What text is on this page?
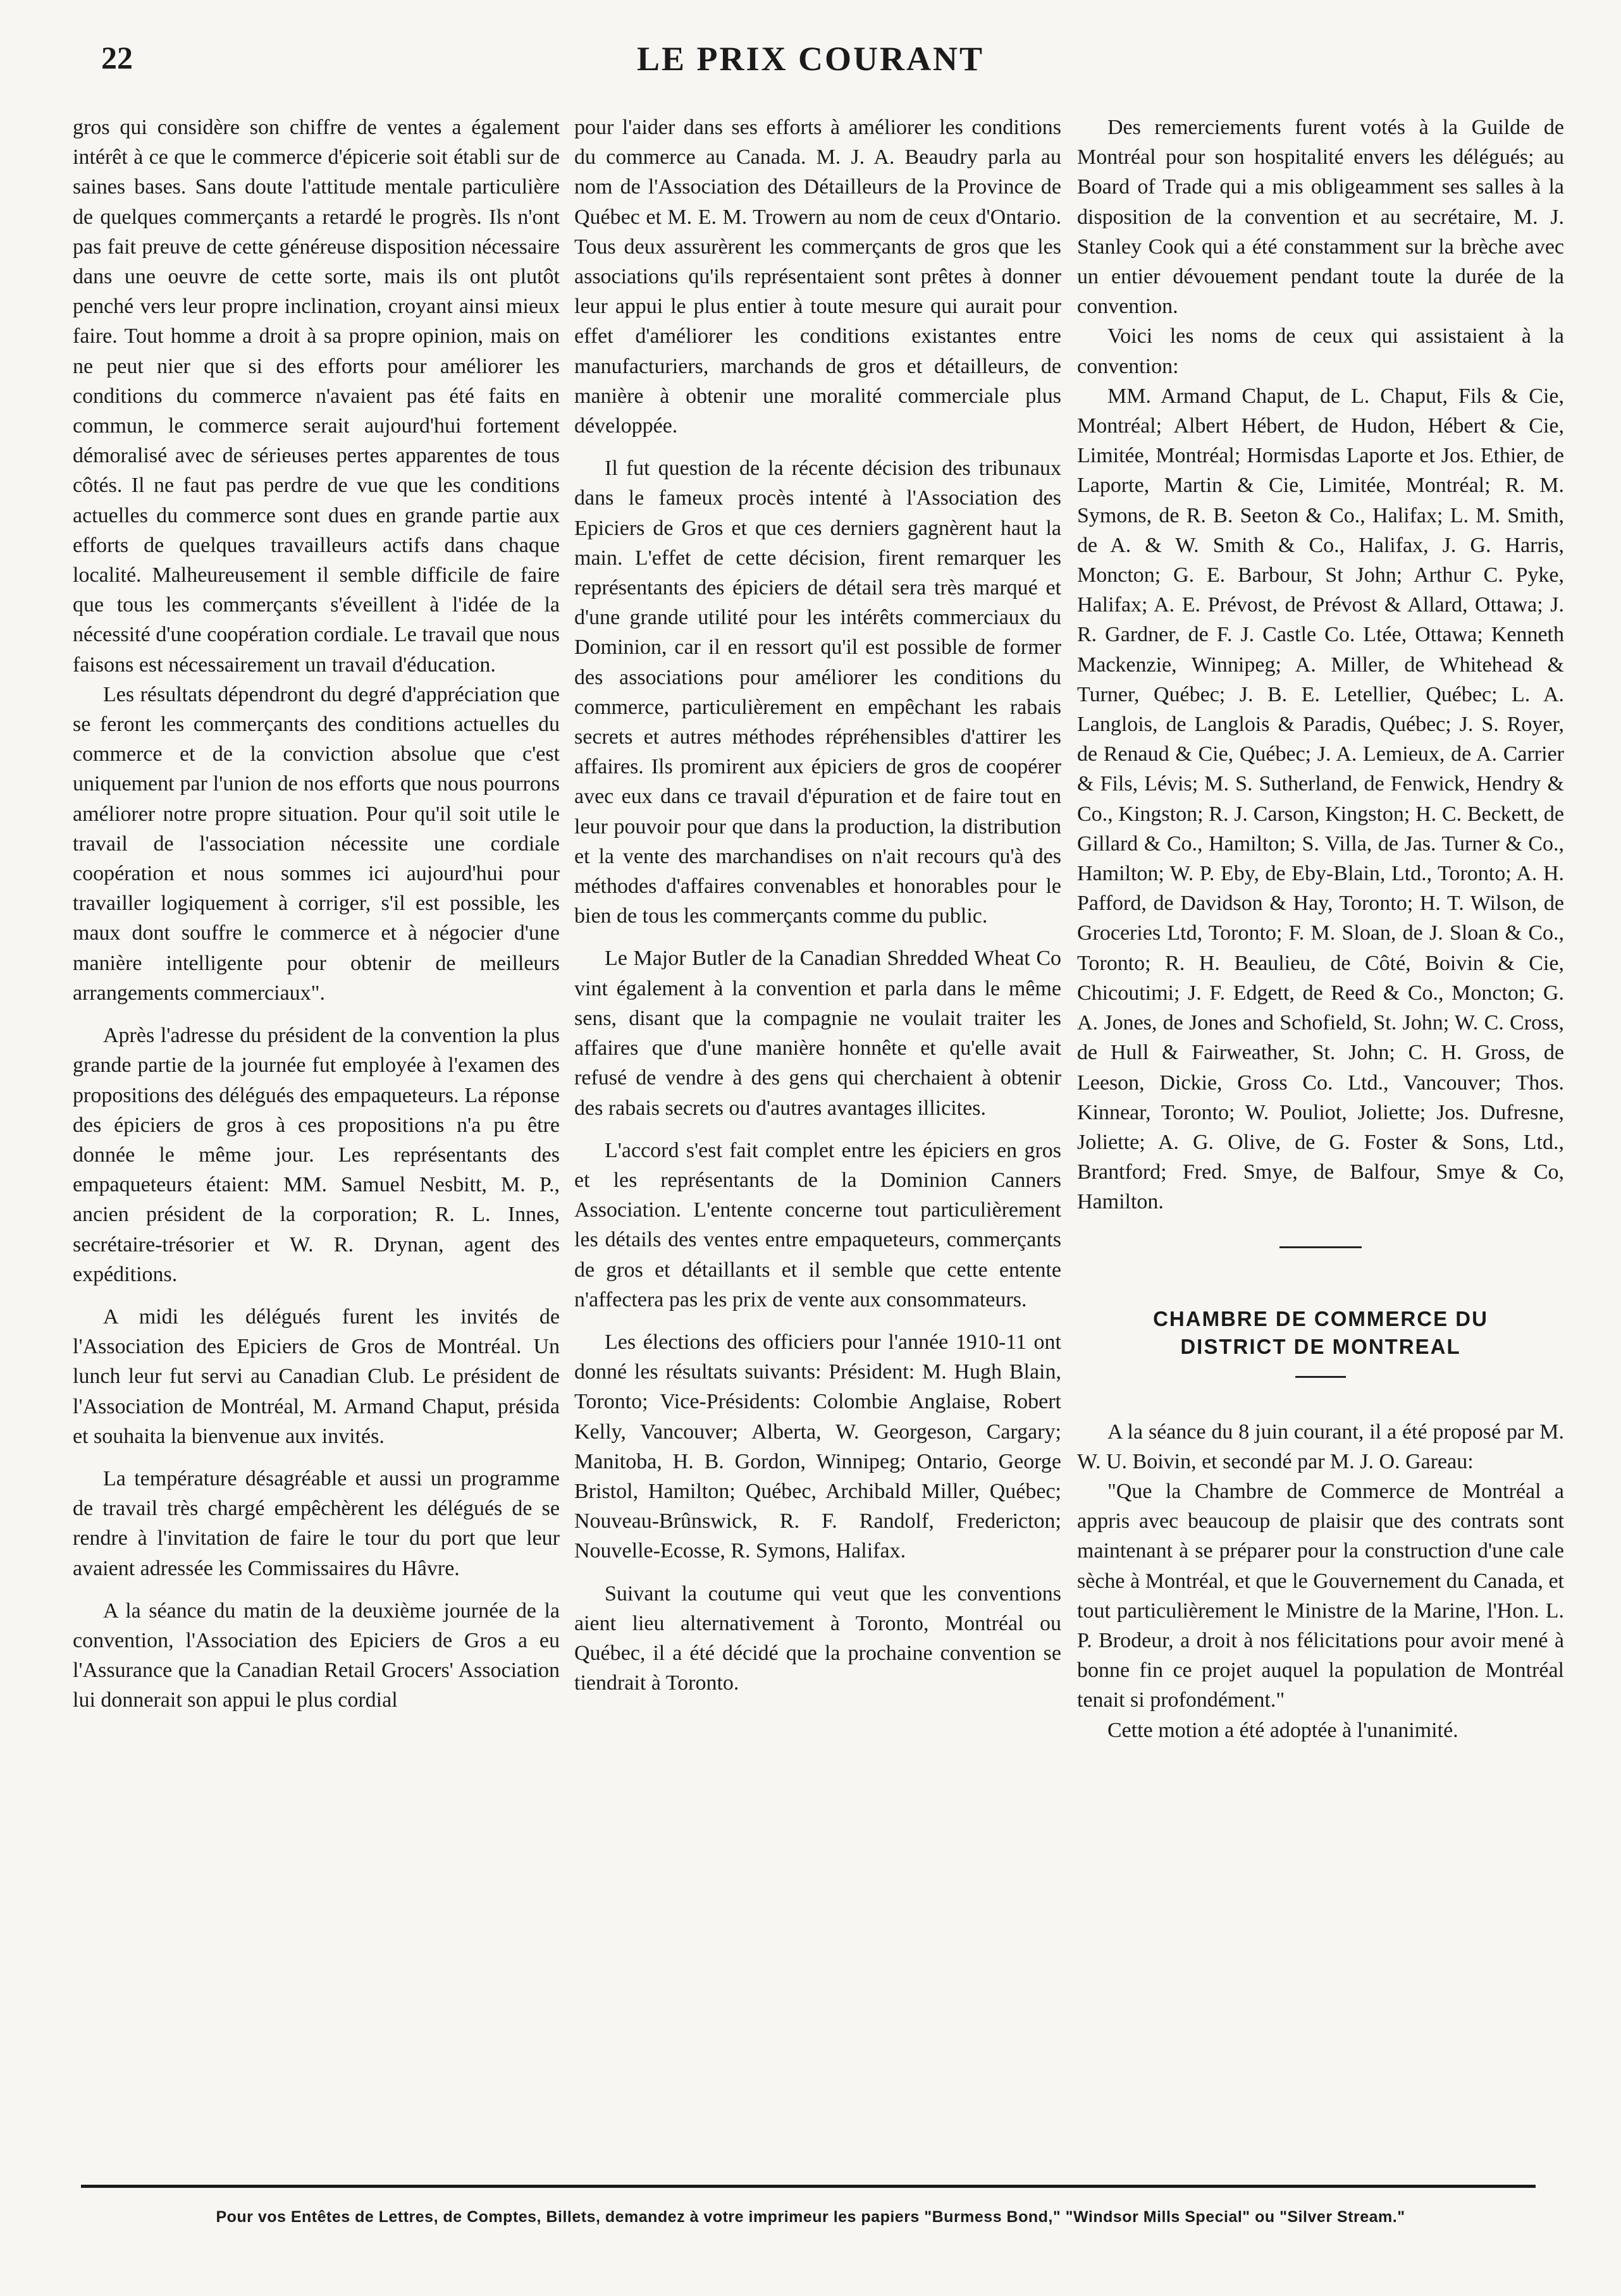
22	LE PRIX COURANT

gros qui considère son chiffre de ventes a également intérêt à ce que le commerce d'épicerie soit établi sur de saines bases. Sans doute l'attitude mentale particulière de quelques commerçants a retardé le progrès. Ils n'ont pas fait preuve de cette généreuse disposition nécessaire dans une oeuvre de cette sorte, mais ils ont plutôt penché vers leur propre inclination, croyant ainsi mieux faire. Tout homme a droit à sa propre opinion, mais on ne peut nier que si des efforts pour améliorer les conditions du commerce n'avaient pas été faits en commun, le commerce serait aujourd'hui fortement démoralisé avec de sérieuses pertes apparentes de tous côtés. Il ne faut pas perdre de vue que les conditions actuelles du commerce sont dues en grande partie aux efforts de quelques travailleurs actifs dans chaque localité. Malheureusement il semble difficile de faire que tous les commerçants s'éveillent à l'idée de la nécessité d'une coopération cordiale. Le travail que nous faisons est nécessairement un travail d'éducation.

Les résultats dépendront du degré d'appréciation que se feront les commerçants des conditions actuelles du commerce et de la conviction absolue que c'est uniquement par l'union de nos efforts que nous pourrons améliorer notre propre situation. Pour qu'il soit utile le travail de l'association nécessite une cordiale coopération et nous sommes ici aujourd'hui pour travailler logiquement à corriger, s'il est possible, les maux dont souffre le commerce et à négocier d'une manière intelligente pour obtenir de meilleurs arrangements commerciaux".

Après l'adresse du président de la convention la plus grande partie de la journée fut employée à l'examen des propositions des délégués des empaqueteurs. La réponse des épiciers de gros à ces propositions n'a pu être donnée le même jour. Les représentants des empaqueteurs étaient: MM. Samuel Nesbitt, M. P., ancien président de la corporation; R. L. Innes, secrétaire-trésorier et W. R. Drynan, agent des expéditions.

A midi les délégués furent les invités de l'Association des Epiciers de Gros de Montréal. Un lunch leur fut servi au Canadian Club. Le président de l'Association de Montréal, M. Armand Chaput, présida et souhaita la bienvenue aux invités.

La température désagréable et aussi un programme de travail très chargé empêchèrent les délégués de se rendre à l'invitation de faire le tour du port que leur avaient adressée les Commissaires du Hâvre.

A la séance du matin de la deuxième journée de la convention, l'Association des Epiciers de Gros a eu l'Assurance que la Canadian Retail Grocers' Association lui donnerait son appui le plus cordial

pour l'aider dans ses efforts à améliorer les conditions du commerce au Canada. M. J. A. Beaudry parla au nom de l'Association des Détailleurs de la Province de Québec et M. E. M. Trowern au nom de ceux d'Ontario. Tous deux assurèrent les commerçants de gros que les associations qu'ils représentaient sont prêtes à donner leur appui le plus entier à toute mesure qui aurait pour effet d'améliorer les conditions existantes entre manufacturiers, marchands de gros et détailleurs, de manière à obtenir une moralité commerciale plus développée.

Il fut question de la récente décision des tribunaux dans le fameux procès intenté à l'Association des Epiciers de Gros et que ces derniers gagnèrent haut la main. L'effet de cette décision, firent remarquer les représentants des épiciers de détail sera très marqué et d'une grande utilité pour les intérêts commerciaux du Dominion, car il en ressort qu'il est possible de former des associations pour améliorer les conditions du commerce, particulièrement en empêchant les rabais secrets et autres méthodes répréhensibles d'attirer les affaires. Ils promirent aux épiciers de gros de coopérer avec eux dans ce travail d'épuration et de faire tout en leur pouvoir pour que dans la production, la distribution et la vente des marchandises on n'ait recours qu'à des méthodes d'affaires convenables et honorables pour le bien de tous les commerçants comme du public.

Le Major Butler de la Canadian Shredded Wheat Co vint également à la convention et parla dans le même sens, disant que la compagnie ne voulait traiter les affaires que d'une manière honnête et qu'elle avait refusé de vendre à des gens qui cherchaient à obtenir des rabais secrets ou d'autres avantages illicites.

L'accord s'est fait complet entre les épiciers en gros et les représentants de la Dominion Canners Association. L'entente concerne tout particulièrement les détails des ventes entre empaqueteurs, commerçants de gros et détaillants et il semble que cette entente n'affectera pas les prix de vente aux consommateurs.

Les élections des officiers pour l'année 1910-11 ont donné les résultats suivants: Président: M. Hugh Blain, Toronto; Vice-Présidents: Colombie Anglaise, Robert Kelly, Vancouver; Alberta, W. Georgeson, Cargary; Manitoba, H. B. Gordon, Winnipeg; Ontario, George Bristol, Hamilton; Québec, Archibald Miller, Québec; Nouveau-Brûnswick, R. F. Randolf, Fredericton; Nouvelle-Ecosse, R. Symons, Halifax.

Suivant la coutume qui veut que les conventions aient lieu alternativement à Toronto, Montréal ou Québec, il a été décidé que la prochaine convention se tiendrait à Toronto.

Des remerciements furent votés à la Guilde de Montréal pour son hospitalité envers les délégués; au Board of Trade qui a mis obligeamment ses salles à la disposition de la convention et au secrétaire, M. J. Stanley Cook qui a été constamment sur la brèche avec un entier dévouement pendant toute la durée de la convention.

Voici les noms de ceux qui assistaient à la convention:

MM. Armand Chaput, de L. Chaput, Fils & Cie, Montréal; Albert Hébert, de Hudon, Hébert & Cie, Limitée, Montréal; Hormisdas Laporte et Jos. Ethier, de Laporte, Martin & Cie, Limitée, Montréal; R. M. Symons, de R. B. Seeton & Co., Halifax; L. M. Smith, de A. & W. Smith & Co., Halifax, J. G. Harris, Moncton; G. E. Barbour, St John; Arthur C. Pyke, Halifax; A. E. Prévost, de Prévost & Allard, Ottawa; J. R. Gardner, de F. J. Castle Co. Ltée, Ottawa; Kenneth Mackenzie, Winnipeg; A. Miller, de Whitehead & Turner, Québec; J. B. E. Letellier, Québec; L. A. Langlois, de Langlois & Paradis, Québec; J. S. Royer, de Renaud & Cie, Québec; J. A. Lemieux, de A. Carrier & Fils, Lévis; M. S. Sutherland, de Fenwick, Hendry & Co., Kingston; R. J. Carson, Kingston; H. C. Beckett, de Gillard & Co., Hamilton; S. Villa, de Jas. Turner & Co., Hamilton; W. P. Eby, de Eby-Blain, Ltd., Toronto; A. H. Pafford, de Davidson & Hay, Toronto; H. T. Wilson, de Groceries Ltd, Toronto; F. M. Sloan, de J. Sloan & Co., Toronto; R. H. Beaulieu, de Côté, Boivin & Cie, Chicoutimi; J. F. Edgett, de Reed & Co., Moncton; G. A. Jones, de Jones and Schofield, St. John; W. C. Cross, de Hull & Fairweather, St. John; C. H. Gross, de Leeson, Dickie, Gross Co. Ltd., Vancouver; Thos. Kinnear, Toronto; W. Pouliot, Joliette; Jos. Dufresne, Joliette; A. G. Olive, de G. Foster & Sons, Ltd., Brantford; Fred. Smye, de Balfour, Smye & Co, Hamilton.

CHAMBRE DE COMMERCE DU
DISTRICT DE MONTREAL

A la séance du 8 juin courant, il a été proposé par M. W. U. Boivin, et secondé par M. J. O. Gareau:

"Que la Chambre de Commerce de Montréal a appris avec beaucoup de plaisir que des contrats sont maintenant à se préparer pour la construction d'une cale sèche à Montréal, et que le Gouvernement du Canada, et tout particulièrement le Ministre de la Marine, l'Hon. L. P. Brodeur, a droit à nos félicitations pour avoir mené à bonne fin ce projet auquel la population de Montréal tenait si profondément."

Cette motion a été adoptée à l'unanimité.

Pour vos Entêtes de Lettres, de Comptes, Billets, demandez à votre imprimeur les papiers "Burmess Bond," "Windsor Mills Special" ou "Silver Stream."
